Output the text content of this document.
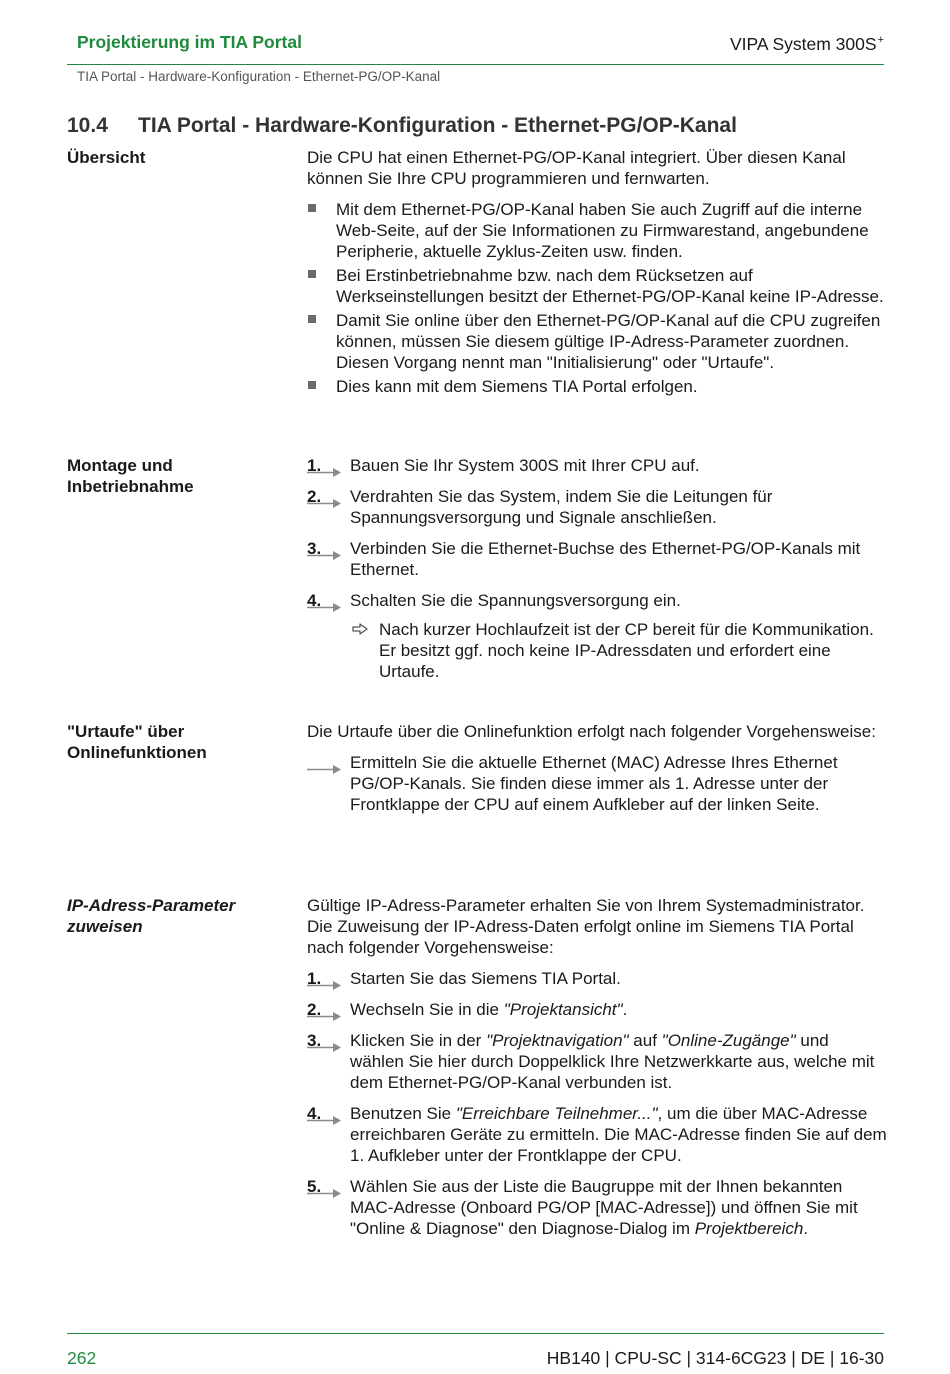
Projektierung im TIA Portal	VIPA System 300S+
TIA Portal - Hardware-Konfiguration - Ethernet-PG/OP-Kanal
10.4 TIA Portal - Hardware-Konfiguration - Ethernet-PG/OP-Kanal
Übersicht	Die CPU hat einen Ethernet-PG/OP-Kanal integriert. Über diesen Kanal können Sie Ihre CPU programmieren und fernwarten.

Mit dem Ethernet-PG/OP-Kanal haben Sie auch Zugriff auf die interne Web-Seite, auf der Sie Informationen zu Firmwarestand, angebundene Peripherie, aktuelle Zyklus-Zeiten usw. finden.
Bei Erstinbetriebnahme bzw. nach dem Rücksetzen auf Werkseinstellungen besitzt der Ethernet-PG/OP-Kanal keine IP-Adresse.
Damit Sie online über den Ethernet-PG/OP-Kanal auf die CPU zugreifen können, müssen Sie diesem gültige IP-Adress-Parameter zuordnen. Diesen Vorgang nennt man "Initialisierung" oder "Urtaufe".
Dies kann mit dem Siemens TIA Portal erfolgen.
Montage und Inbetriebnahme
1. Bauen Sie Ihr System 300S mit Ihrer CPU auf.
2. Verdrahten Sie das System, indem Sie die Leitungen für Spannungsversorgung und Signale anschließen.
3. Verbinden Sie die Ethernet-Buchse des Ethernet-PG/OP-Kanals mit Ethernet.
4. Schalten Sie die Spannungsversorgung ein.
Nach kurzer Hochlaufzeit ist der CP bereit für die Kommunikation. Er besitzt ggf. noch keine IP-Adressdaten und erfordert eine Urtaufe.
"Urtaufe" über Onlinefunktionen

Die Urtaufe über die Onlinefunktion erfolgt nach folgender Vorgehensweise:

Ermitteln Sie die aktuelle Ethernet (MAC) Adresse Ihres Ethernet PG/OP-Kanals. Sie finden diese immer als 1. Adresse unter der Frontklappe der CPU auf einem Aufkleber auf der linken Seite.
IP-Adress-Parameter zuweisen

Gültige IP-Adress-Parameter erhalten Sie von Ihrem Systemadministrator. Die Zuweisung der IP-Adress-Daten erfolgt online im Siemens TIA Portal nach folgender Vorgehensweise:

1. Starten Sie das Siemens TIA Portal.
2. Wechseln Sie in die "Projektansicht".
3. Klicken Sie in der "Projektnavigation" auf "Online-Zugänge" und wählen Sie hier durch Doppelklick Ihre Netzwerkkarte aus, welche mit dem Ethernet-PG/OP-Kanal verbunden ist.
4. Benutzen Sie "Erreichbare Teilnehmer...", um die über MAC-Adresse erreichbaren Geräte zu ermitteln. Die MAC-Adresse finden Sie auf dem 1. Aufkleber unter der Frontklappe der CPU.
5. Wählen Sie aus der Liste die Baugruppe mit der Ihnen bekannten MAC-Adresse (Onboard PG/OP [MAC-Adresse]) und öffnen Sie mit "Online & Diagnose" den Diagnose-Dialog im Projektbereich.
262	HB140 | CPU-SC | 314-6CG23 | DE | 16-30
